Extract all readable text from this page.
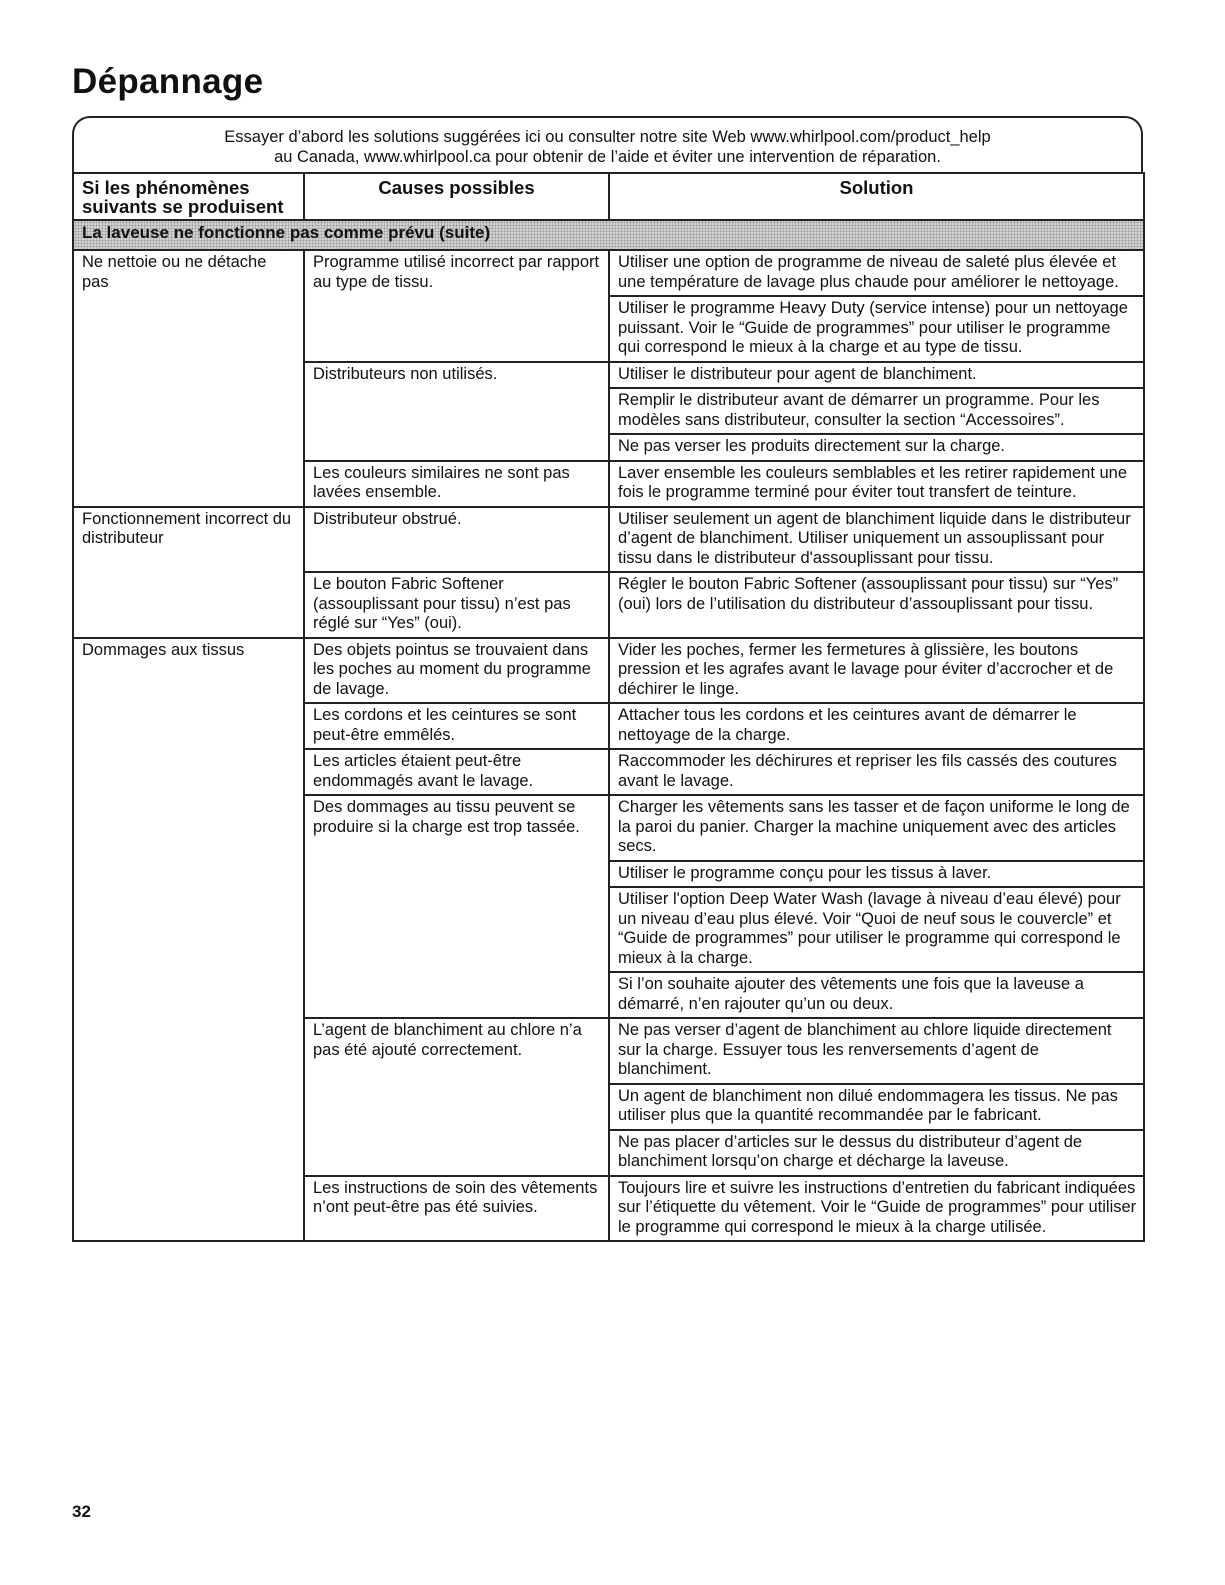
Dépannage

Essayer d’abord les solutions suggérées ici ou consulter notre site Web www.whirlpool.com/product_help

au Canada, www.whirlpool.ca pour obtenir de l’aide et éviter une intervention de réparation.

Si les phénomènes suivants se produisent	Causes possibles	Solution
La laveuse ne fonctionne pas comme prévu (suite)		
Ne nettoie ou ne détache pas	Programme utilisé incorrect par rapport au type de tissu.	Utiliser une option de programme de niveau de saleté plus élevée et une température de lavage plus chaude pour améliorer le nettoyage.
		Utiliser le programme Heavy Duty (service intense) pour un nettoyage puissant. Voir le “Guide de programmes” pour utiliser le programme qui correspond le mieux à la charge et au type de tissu.
	Distributeurs non utilisés.	Utiliser le distributeur pour agent de blanchiment.
		Remplir le distributeur avant de démarrer un programme. Pour les modèles sans distributeur, consulter la section “Accessoires”.
		Ne pas verser les produits directement sur la charge.
	Les couleurs similaires ne sont pas lavées ensemble.	Laver ensemble les couleurs semblables et les retirer rapidement une fois le programme terminé pour éviter tout transfert de teinture.
Fonctionnement incorrect du distributeur	Distributeur obstrué.	Utiliser seulement un agent de blanchiment liquide dans le distributeur d’agent de blanchiment. Utiliser uniquement un assouplissant pour tissu dans le distributeur d'assouplissant pour tissu.
	Le bouton Fabric Softener (assouplissant pour tissu) n’est pas réglé sur “Yes” (oui).	Régler le bouton Fabric Softener (assouplissant pour tissu) sur “Yes” (oui) lors de l’utilisation du distributeur d’assouplissant pour tissu.
Dommages aux tissus	Des objets pointus se trouvaient dans les poches au moment du programme de lavage.	Vider les poches, fermer les fermetures à glissière, les boutons pression et les agrafes avant le lavage pour éviter d’accrocher et de déchirer le linge.
	Les cordons et les ceintures se sont peut-être emmêlés.	Attacher tous les cordons et les ceintures avant de démarrer le nettoyage de la charge.
	Les articles étaient peut-être endommagés avant le lavage.	Raccommoder les déchirures et repriser les fils cassés des coutures avant le lavage.
	Des dommages au tissu peuvent se produire si la charge est trop tassée.	Charger les vêtements sans les tasser et de façon uniforme le long de la paroi du panier. Charger la machine uniquement avec des articles secs.
		Utiliser le programme conçu pour les tissus à laver.
		Utiliser l'option Deep Water Wash (lavage à niveau d’eau élevé) pour un niveau d’eau plus élevé. Voir “Quoi de neuf sous le couvercle” et “Guide de programmes” pour utiliser le programme qui correspond le mieux à la charge.
		Si l’on souhaite ajouter des vêtements une fois que la laveuse a démarré, n’en rajouter qu’un ou deux.
	L’agent de blanchiment au chlore n’a pas été ajouté correctement.	Ne pas verser d’agent de blanchiment au chlore liquide directement sur la charge. Essuyer tous les renversements d’agent de blanchiment.
		Un agent de blanchiment non dilué endommagera les tissus. Ne pas utiliser plus que la quantité recommandée par le fabricant.
		Ne pas placer d’articles sur le dessus du distributeur d’agent de blanchiment lorsqu’on charge et décharge la laveuse.
	Les instructions de soin des vêtements n’ont peut-être pas été suivies.	Toujours lire et suivre les instructions d’entretien du fabricant indiquées sur l’étiquette du vêtement. Voir le “Guide de programmes” pour utiliser le programme qui correspond le mieux à la charge utilisée.
32
